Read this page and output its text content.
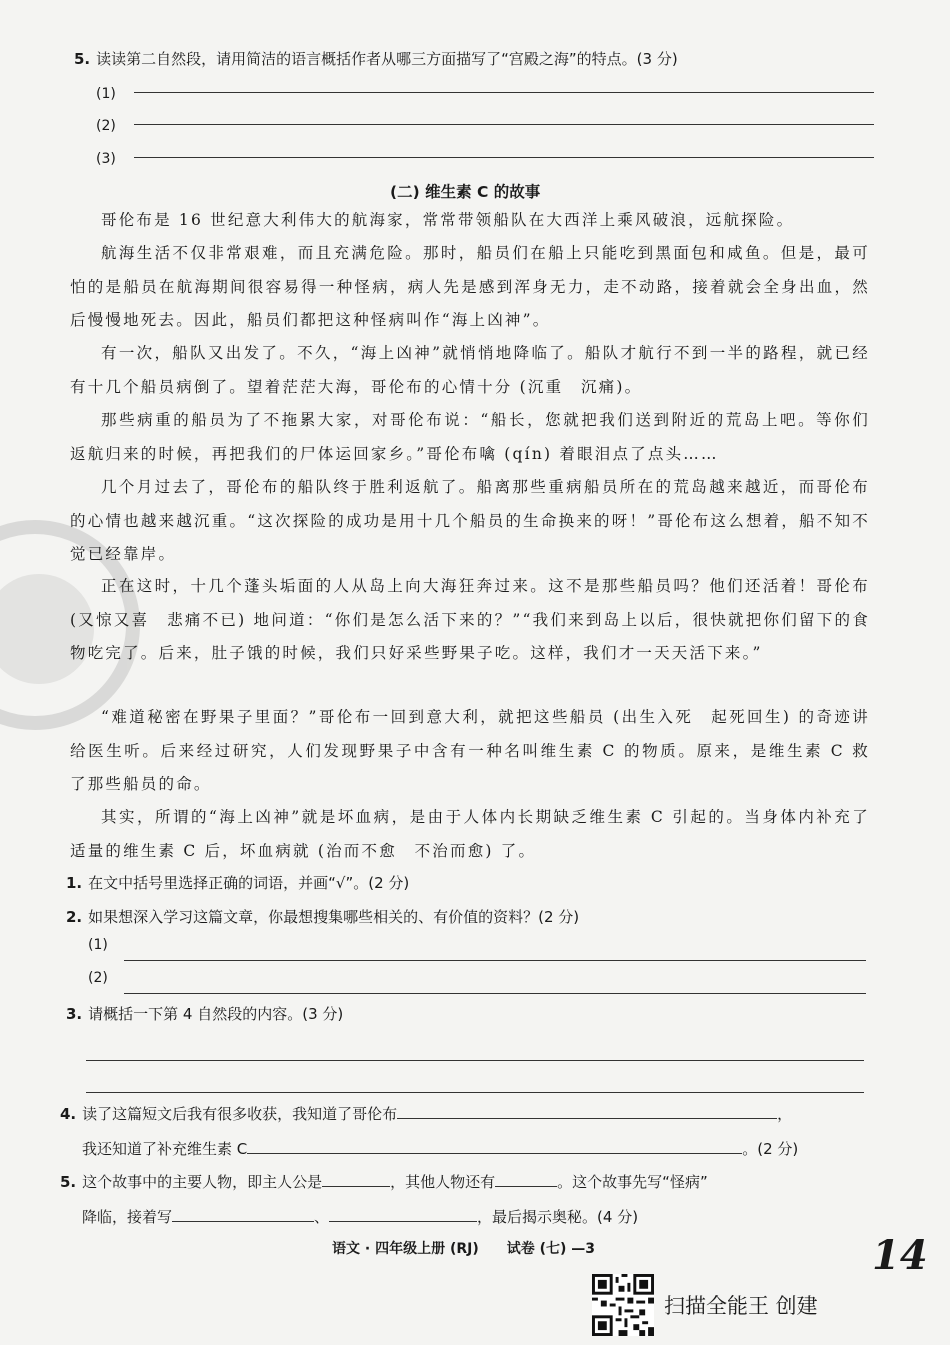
5. 读读第二自然段，请用简洁的语言概括作者从哪三方面描写了“宫殿之海”的特点。(3 分)
(1)
(2)
(3)
(二) 维生素 C 的故事
哥伦布是 16 世纪意大利伟大的航海家，常常带领船队在大西洋上乘风破浪，远航探险。
航海生活不仅非常艰难，而且充满危险。那时，船员们在船上只能吃到黑面包和咸鱼。但是，最可怕的是船员在航海期间很容易得一种怪病，病人先是感到浑身无力，走不动路，接着就会全身出血，然后慢慢地死去。因此，船员们都把这种怪病叫作“海上凶神”。
有一次，船队又出发了。不久，“海上凶神”就悄悄地降临了。船队才航行不到一半的路程，就已经有十几个船员病倒了。望着茫茫大海，哥伦布的心情十分 (沉重　沉痛)。
那些病重的船员为了不拖累大家，对哥伦布说：“船长，您就把我们送到附近的荒岛上吧。等你们返航归来的时候，再把我们的尸体运回家乡。”哥伦布噙 (qín) 着眼泪点了点头……
几个月过去了，哥伦布的船队终于胜利返航了。船离那些重病船员所在的荒岛越来越近，而哥伦布的心情也越来越沉重。“这次探险的成功是用十几个船员的生命换来的呀！”哥伦布这么想着，船不知不觉已经靠岸。
正在这时，十几个蓬头垢面的人从岛上向大海狂奔过来。这不是那些船员吗？他们还活着！哥伦布 (又惊又喜　悲痛不已) 地问道：“你们是怎么活下来的？”“我们来到岛上以后，很快就把你们留下的食物吃完了。后来，肚子饿的时候，我们只好采些野果子吃。这样，我们才一天天活下来。”
“难道秘密在野果子里面？”哥伦布一回到意大利，就把这些船员 (出生入死　起死回生) 的奇迹讲给医生听。后来经过研究，人们发现野果子中含有一种名叫维生素 C 的物质。原来，是维生素 C 救了那些船员的命。
其实，所谓的“海上凶神”就是坏血病，是由于人体内长期缺乏维生素 C 引起的。当身体内补充了适量的维生素 C 后，坏血病就 (治而不愈　不治而愈) 了。
1. 在文中括号里选择正确的词语，并画“√”。(2 分)
2. 如果想深入学习这篇文章，你最想搜集哪些相关的、有价值的资料？(2 分)
(1)
(2)
3. 请概括一下第 4 自然段的内容。(3 分)
4. 读了这篇短文后我有很多收获，我知道了哥伦布	，
我还知道了补充维生素 C	。(2 分)
5. 这个故事中的主要人物，即主人公是	，其他人物还有	。这个故事先写“怪病”
降临，接着写	、	，最后揭示奥秘。(4 分)
语文 · 四年级上册 (RJ)　　试卷 (七) —3	14
扫描全能王 创建
